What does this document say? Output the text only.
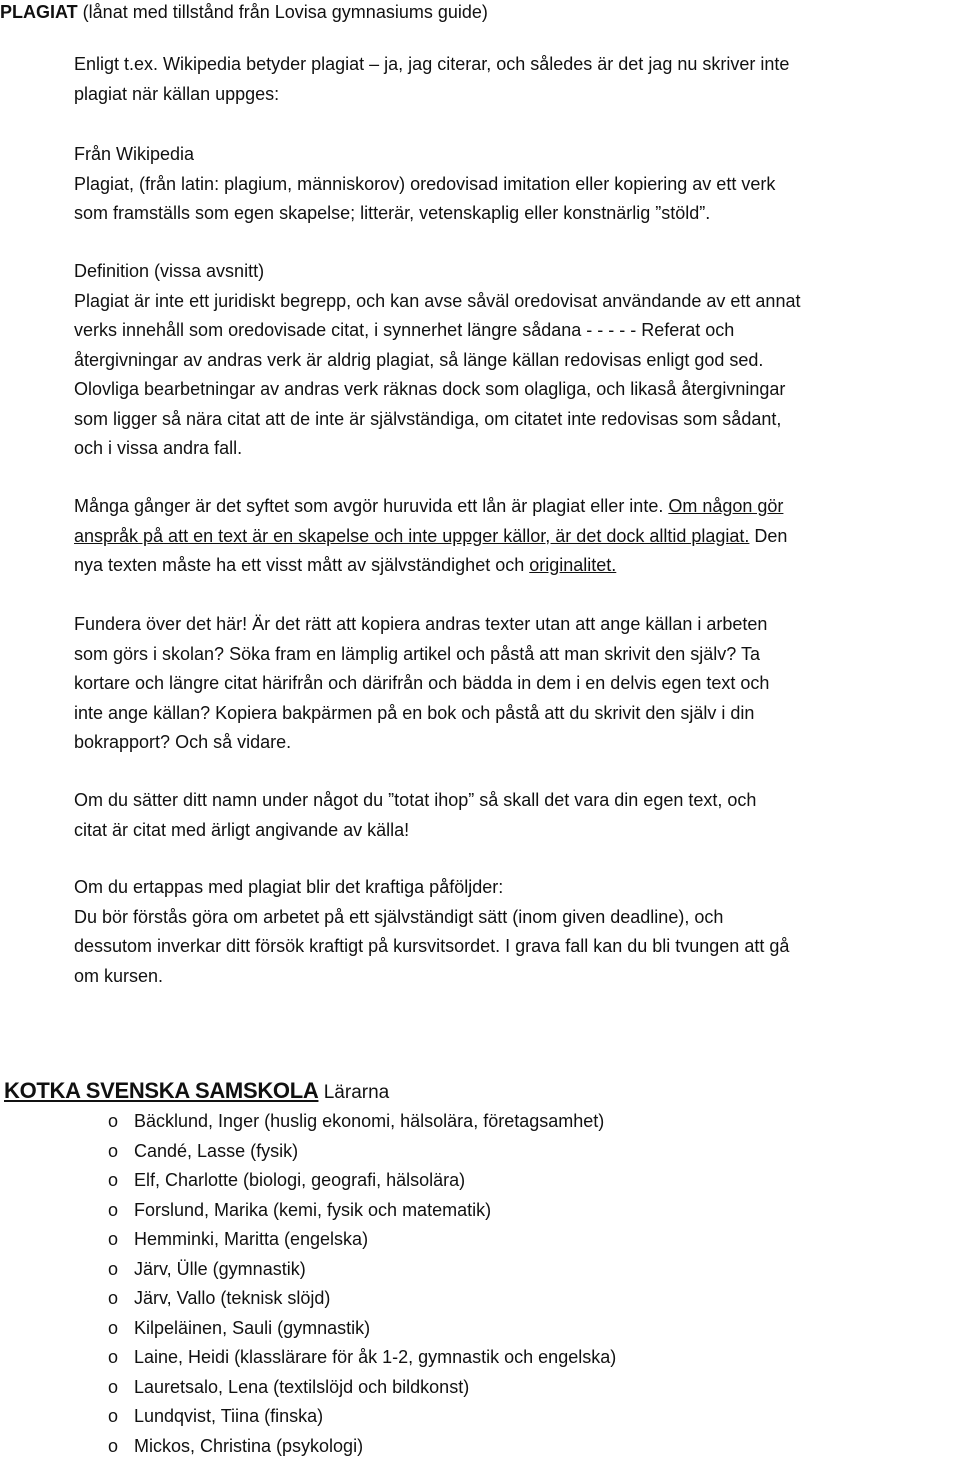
PLAGIAT (lånat med tillstånd från Lovisa gymnasiums guide)

Enligt t.ex. Wikipedia betyder plagiat – ja, jag citerar, och således är det jag nu skriver inte

plagiat när källan uppges:

Från Wikipedia

Plagiat, (från latin: plagium, människorov) oredovisad imitation eller kopiering av ett verk

som framställs som egen skapelse; litterär, vetenskaplig eller konstnärlig ”stöld”.

Definition (vissa avsnitt)

Plagiat är inte ett juridiskt begrepp, och kan avse såväl oredovisat användande av ett annat

verks innehåll som oredovisade citat, i synnerhet längre sådana - - - - - Referat och

återgivningar av andras verk är aldrig plagiat, så länge källan redovisas enligt god sed.

Olovliga bearbetningar av andras verk räknas dock som olagliga, och likaså återgivningar

som ligger så nära citat att de inte är självständiga, om citatet inte redovisas som sådant,

och i vissa andra fall.

Många gånger är det syftet som avgör huruvida ett lån är plagiat eller inte. Om någon gör

anspråk på att en text är en skapelse och inte uppger källor, är det dock alltid plagiat. Den

nya texten måste ha ett visst mått av självständighet och originalitet.

Fundera över det här! Är det rätt att kopiera andras texter utan att ange källan i arbeten

som görs i skolan? Söka fram en lämplig artikel och påstå att man skrivit den själv? Ta

kortare och längre citat härifrån och därifrån och bädda in dem i en delvis egen text och

inte ange källan? Kopiera bakpärmen på en bok och påstå att du skrivit den själv i din

bokrapport? Och så vidare.

Om du sätter ditt namn under något du ”totat ihop” så skall det vara din egen text, och

citat är citat med ärligt angivande av källa!

Om du ertappas med plagiat blir det kraftiga påföljder:

Du bör förstås göra om arbetet på ett självständigt sätt (inom given deadline), och

dessutom inverkar ditt försök kraftigt på kursvitsordet. I grava fall kan du bli tvungen att gå

om kursen.

KOTKA SVENSKA SAMSKOLA Lärarna
o Bäcklund, Inger (huslig ekonomi, hälsolära, företagsamhet)
o Candé, Lasse (fysik)
o Elf, Charlotte (biologi, geografi, hälsolära)
o Forslund, Marika (kemi, fysik och matematik)
o Hemminki, Maritta (engelska)
o Järv, Ülle (gymnastik)
o Järv, Vallo (teknisk slöjd)
o Kilpeläinen, Sauli (gymnastik)
o Laine, Heidi (klasslärare för åk 1-2, gymnastik och engelska)
o Lauretsalo, Lena (textilslöjd och bildkonst)
o Lundqvist, Tiina (finska)
o Mickos, Christina (psykologi)
